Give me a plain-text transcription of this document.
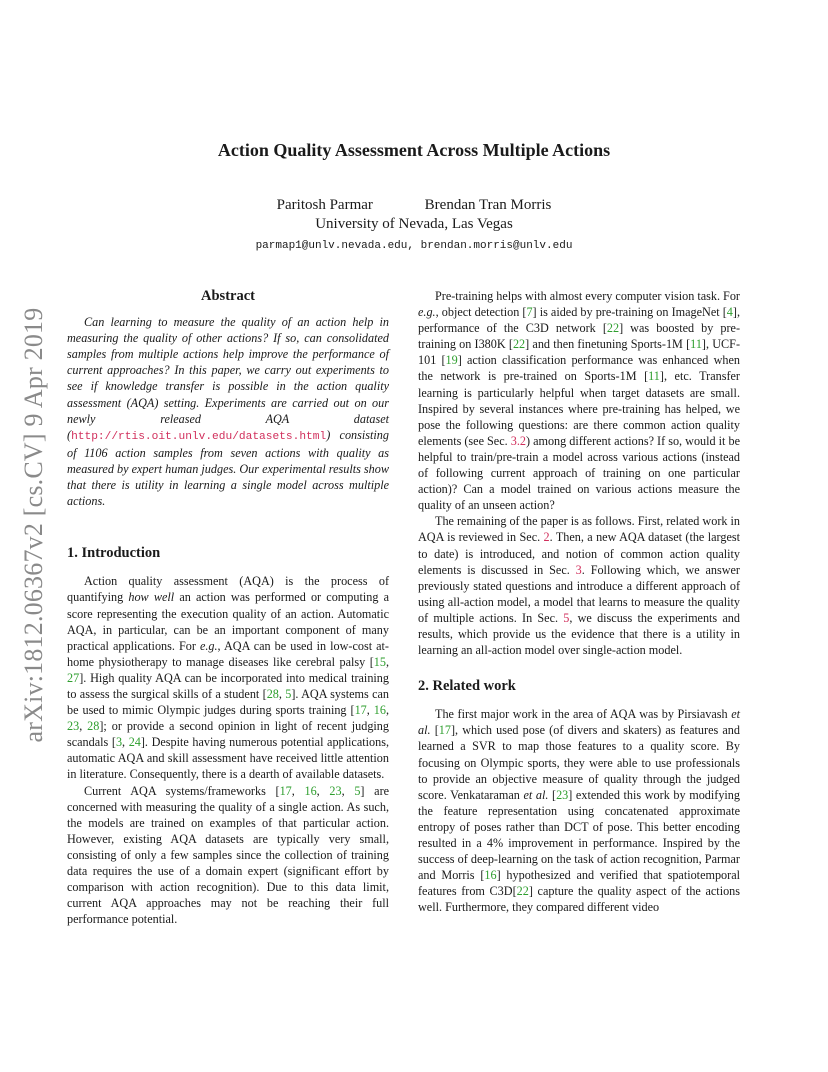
arXiv:1812.06367v2 [cs.CV] 9 Apr 2019
Action Quality Assessment Across Multiple Actions
Paritosh Parmar	Brendan Tran Morris
University of Nevada, Las Vegas
parmap1@unlv.nevada.edu, brendan.morris@unlv.edu
Abstract

Can learning to measure the quality of an action help in measuring the quality of other actions? If so, can consolidated samples from multiple actions help improve the performance of current approaches? In this paper, we carry out experiments to see if knowledge transfer is possible in the action quality assessment (AQA) setting. Experiments are carried out on our newly released AQA dataset (http://rtis.oit.unlv.edu/datasets.html) consisting of 1106 action samples from seven actions with quality as measured by expert human judges. Our experimental results show that there is utility in learning a single model across multiple actions.

1. Introduction

Action quality assessment (AQA) is the process of quantifying how well an action was performed or computing a score representing the execution quality of an action. Automatic AQA, in particular, can be an important component of many practical applications. For e.g., AQA can be used in low-cost at-home physiotherapy to manage diseases like cerebral palsy [15, 27]. High quality AQA can be incorporated into medical training to assess the surgical skills of a student [28, 5]. AQA systems can be used to mimic Olympic judges during sports training [17, 16, 23, 28]; or provide a second opinion in light of recent judging scandals [3, 24]. Despite having numerous potential applications, automatic AQA and skill assessment have received little attention in literature. Consequently, there is a dearth of available datasets.

Current AQA systems/frameworks [17, 16, 23, 5] are concerned with measuring the quality of a single action. As such, the models are trained on examples of that particular action. However, existing AQA datasets are typically very small, consisting of only a few samples since the collection of training data requires the use of a domain expert (significant effort by comparison with action recognition). Due to this data limit, current AQA approaches may not be reaching their full performance potential.

Pre-training helps with almost every computer vision task. For e.g., object detection [7] is aided by pre-training on ImageNet [4], performance of the C3D network [22] was boosted by pre-training on I380K [22] and then finetuning Sports-1M [11], UCF-101 [19] action classification performance was enhanced when the network is pre-trained on Sports-1M [11], etc. Transfer learning is particularly helpful when target datasets are small. Inspired by several instances where pre-training has helped, we pose the following questions: are there common action quality elements (see Sec. 3.2) among different actions? If so, would it be helpful to train/pre-train a model across various actions (instead of following current approach of training on one particular action)? Can a model trained on various actions measure the quality of an unseen action?

The remaining of the paper is as follows. First, related work in AQA is reviewed in Sec. 2. Then, a new AQA dataset (the largest to date) is introduced, and notion of common action quality elements is discussed in Sec. 3. Following which, we answer previously stated questions and introduce a different approach of using all-action model, a model that learns to measure the quality of multiple actions. In Sec. 5, we discuss the experiments and results, which provide us the evidence that there is a utility in learning an all-action model over single-action model.

2. Related work

The first major work in the area of AQA was by Pirsiavash et al. [17], which used pose (of divers and skaters) as features and learned a SVR to map those features to a quality score. By focusing on Olympic sports, they were able to use professionals to provide an objective measure of quality through the judged score. Venkataraman et al. [23] extended this work by modifying the feature representation using concatenated approximate entropy of poses rather than DCT of pose. This better encoding resulted in a 4% improvement in performance. Inspired by the success of deep-learning on the task of action recognition, Parmar and Morris [16] hypothesized and verified that spatiotemporal features from C3D[22] capture the quality aspect of the actions well. Furthermore, they compared different video
